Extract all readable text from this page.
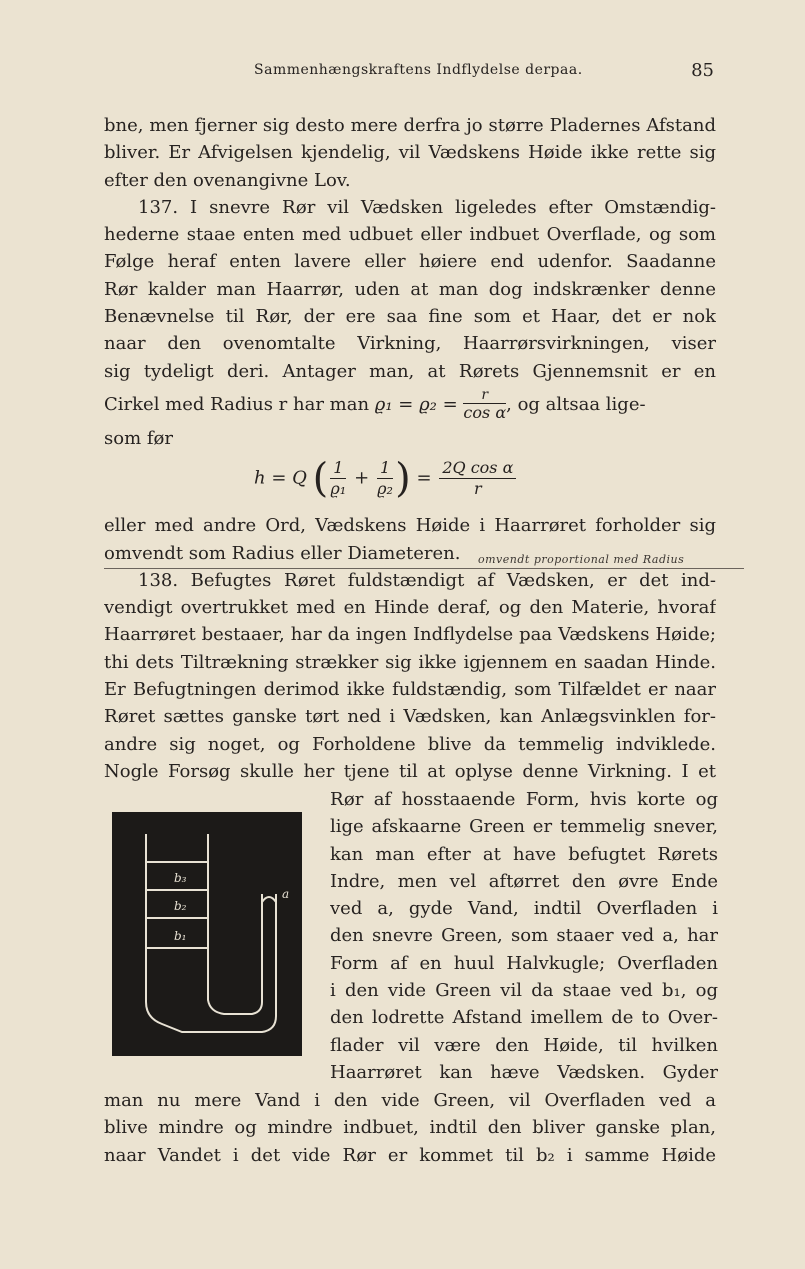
Sammenhængskraftens Indflydelse derpaa.	85
bne, men fjerner sig desto mere derfra jo større Pladernes Afstand
bliver. Er Afvigelsen kjendelig, vil Vædskens Høide ikke rette sig
efter den ovenangivne Lov.
137. I snevre Rør vil Vædsken ligeledes efter Omstændig-
hederne staae enten med udbuet eller indbuet Overflade, og som
Følge heraf enten lavere eller høiere end udenfor. Saadanne
Rør kalder man Haarrør, uden at man dog indskrænker denne
Benævnelse til Rør, der ere saa fine som et Haar, det er nok
naar den ovenomtalte Virkning, Haarrørsvirkningen, viser
sig tydeligt deri. Antager man, at Rørets Gjennemsnit er en
Cirkel med Radius r har man $ϱ_1 = ϱ_2 = \frac{r}{\text{cos α}}$ , og altsaa lige-
som før
h = Q ( $\frac{1}{\text{ϱ₁}} + \frac{1}{\text{ϱ₂}}$ ) = $\frac{\text{2Q cos α}}{r}$
eller med andre Ord, Vædskens Høide i Haarrøret forholder sig
omvendt som Radius eller Diameteren.
138. Befugtes Røret fuldstændigt af Vædsken, er det ind-
vendigt overtrukket med en Hinde deraf, og den Materie, hvoraf
Haarrøret bestaaer, har da ingen Indflydelse paa Vædskens Høide;
thi dets Tiltrækning strækker sig ikke igjennem en saadan Hinde.
Er Befugtningen derimod ikke fuldstændig, som Tilfældet er naar
Røret sættes ganske tørt ned i Vædsken, kan Anlægsvinklen for-
andre sig noget, og Forholdene blive da temmelig indviklede.
Nogle Forsøg skulle her tjene til at oplyse denne Virkning. I et
omvendt proportional med Radius
Rør af hosstaaende Form, hvis korte og
lige afskaarne Green er temmelig snever,
kan man efter at have befugtet Rørets
Indre, men vel aftørret den øvre Ende
ved a, gyde Vand, indtil Overfladen i
den snevre Green, som staaer ved a, har
Form af en huul Halvkugle; Overfladen
i den vide Green vil da staae ved b₁, og
den lodrette Afstand imellem de to Over-
flader vil være den Høide, til hvilken
Haarrøret kan hæve Vædsken. Gyder
man nu mere Vand i den vide Green, vil Overfladen ved a
blive mindre og mindre indbuet, indtil den bliver ganske plan,
naar Vandet i det vide Rør er kommet til b₂ i samme Høide
b₃
b₂
b₁
a
